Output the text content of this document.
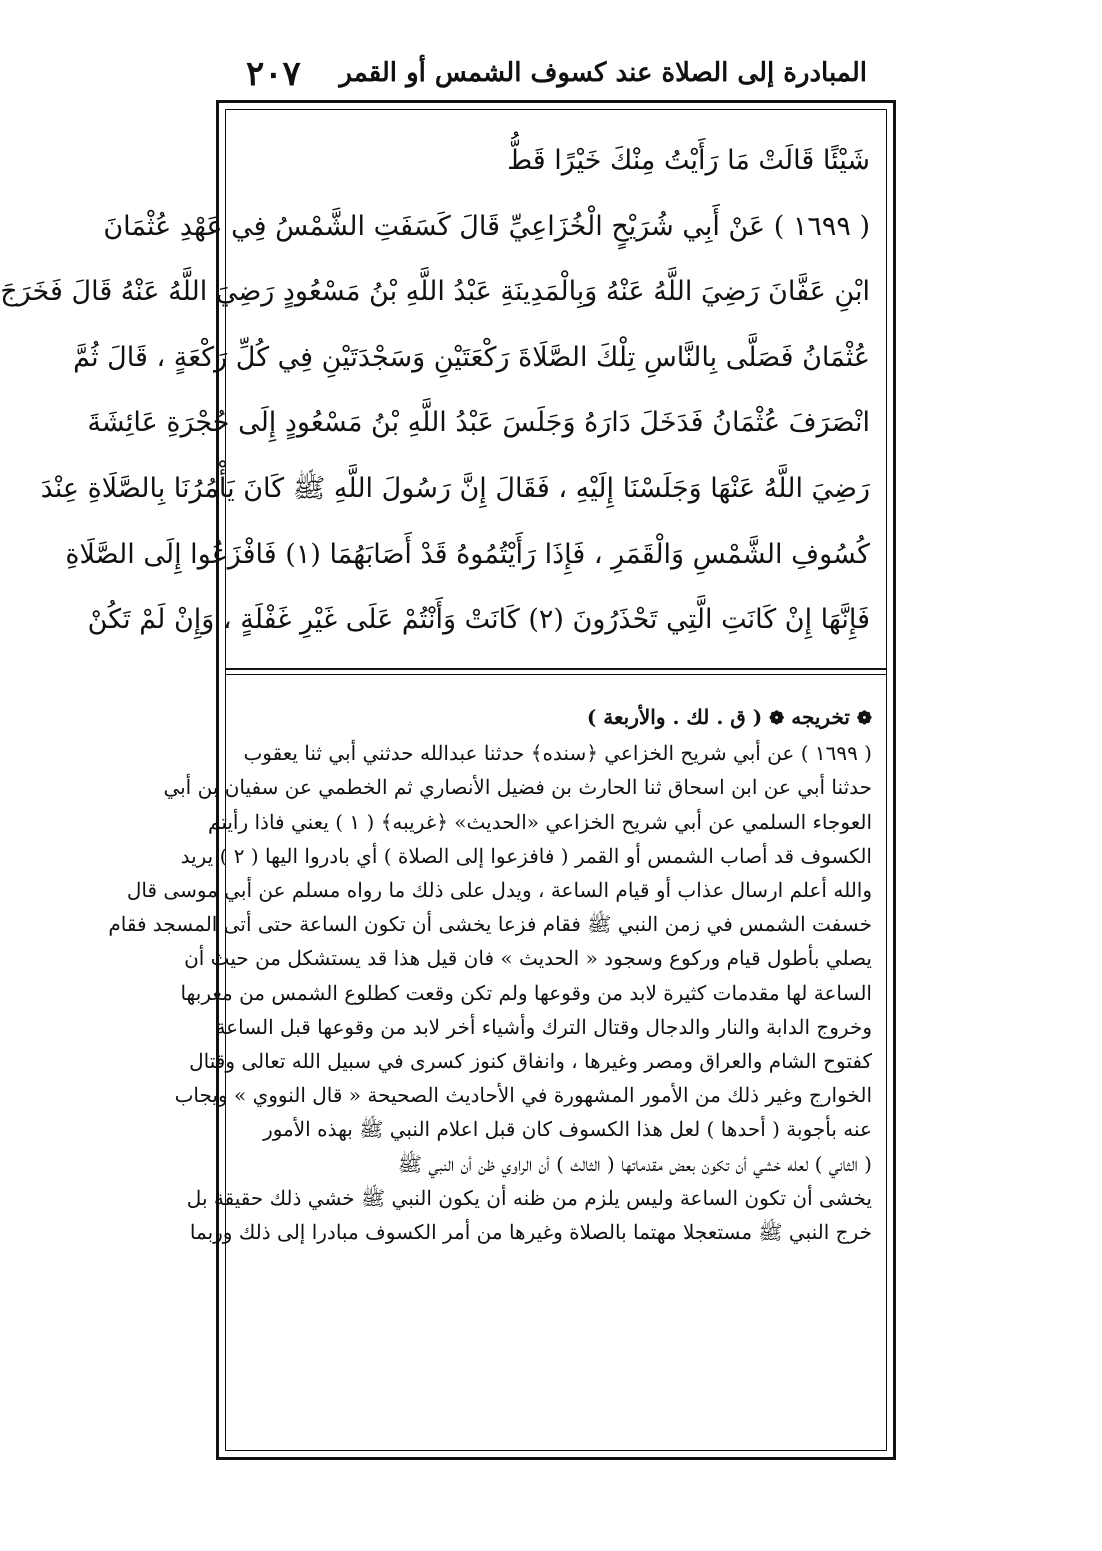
٢٠٧ المبادرة إلى الصلاة عند كسوف الشمس أو القمر
شَيْئًا قَالَتْ مَا رَأَيْتُ مِنْكَ خَيْرًا قَطُّ
( ١٦٩٩ ) عَنْ أَبِي شُرَيْحٍ الْخُزَاعِيِّ قَالَ كَسَفَتِ الشَّمْسُ فِي عَهْدِ عُثْمَانَ
ابْنِ عَفَّانَ رَضِيَ اللَّهُ عَنْهُ وَبِالْمَدِينَةِ عَبْدُ اللَّهِ بْنُ مَسْعُودٍ رَضِيَ اللَّهُ عَنْهُ قَالَ فَخَرَجَ
عُثْمَانُ فَصَلَّى بِالنَّاسِ تِلْكَ الصَّلَاةَ رَكْعَتَيْنِ وَسَجْدَتَيْنِ فِي كُلِّ رَكْعَةٍ ، قَالَ ثُمَّ
انْصَرَفَ عُثْمَانُ فَدَخَلَ دَارَهُ وَجَلَسَ عَبْدُ اللَّهِ بْنُ مَسْعُودٍ إِلَى حُجْرَةِ عَائِشَةَ
رَضِيَ اللَّهُ عَنْهَا وَجَلَسْنَا إِلَيْهِ ، فَقَالَ إِنَّ رَسُولَ اللَّهِ ﷺ كَانَ يَأْمُرُنَا بِالصَّلَاةِ عِنْدَ
كُسُوفِ الشَّمْسِ وَالْقَمَرِ ، فَإِذَا رَأَيْتُمُوهُ قَدْ أَصَابَهُمَا (١) فَافْزَعُوا إِلَى الصَّلَاةِ
فَإِنَّهَا إِنْ كَانَتِ الَّتِي تَحْذَرُونَ (٢) كَانَتْ وَأَنْتُمْ عَلَى غَيْرِ غَفْلَةٍ ، وَإِنْ لَمْ تَكُنْ
❁ تخريجه ❁ ( ق . لك . والأربعة )
( ١٦٩٩ ) عن أبي شريح الخزاعي ﴿سنده﴾ حدثنا عبدالله حدثني أبي ثنا يعقوب
حدثنا أبي عن ابن اسحاق ثنا الحارث بن فضيل الأنصاري ثم الخطمي عن سفيان بن أبي
العوجاء السلمي عن أبي شريح الخزاعي «الحديث» ﴿غريبه﴾ ( ١ ) يعني فاذا رأيتم
الكسوف قد أصاب الشمس أو القمر ( فافزعوا إلى الصلاة ) أي بادروا اليها ( ٢ ) يريد
والله أعلم ارسال عذاب أو قيام الساعة ، ويدل على ذلك ما رواه مسلم عن أبي موسى قال
خسفت الشمس في زمن النبي ﷺ فقام فزعا يخشى أن تكون الساعة حتى أتى المسجد فقام
يصلي بأطول قيام وركوع وسجود « الحديث » فان قيل هذا قد يستشكل من حيث أن
الساعة لها مقدمات كثيرة لابد من وقوعها ولم تكن وقعت كطلوع الشمس من مغربها
وخروج الدابة والنار والدجال وقتال الترك وأشياء أخر لابد من وقوعها قبل الساعة
كفتوح الشام والعراق ومصر وغيرها ، وانفاق كنوز كسرى في سبيل الله تعالى وقتال
الخوارج وغير ذلك من الأمور المشهورة في الأحاديث الصحيحة « قال النووي » ويجاب
عنه بأجوبة ( أحدها ) لعل هذا الكسوف كان قبل اعلام النبي ﷺ بهذه الأمور
( الثاني ) لعله خشي أن تكون بعض مقدماتها ( الثالث ) أن الراوي ظن أن النبي ﷺ
يخشى أن تكون الساعة وليس يلزم من ظنه أن يكون النبي ﷺ خشي ذلك حقيقة بل
خرج النبي ﷺ مستعجلا مهتما بالصلاة وغيرها من أمر الكسوف مبادرا إلى ذلك وربما
